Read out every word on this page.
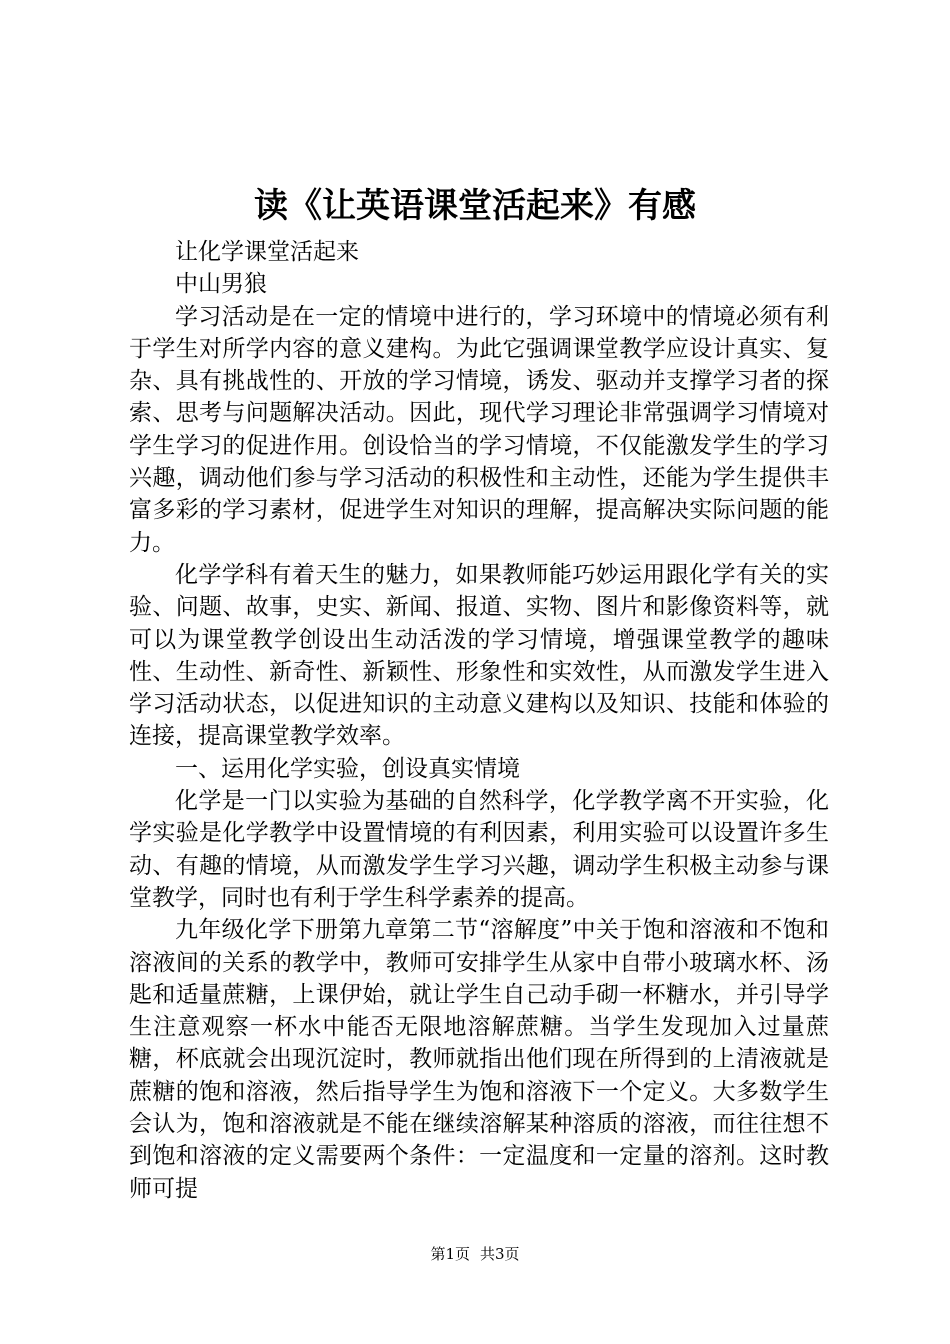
读《让英语课堂活起来》有感

让化学课堂活起来

中山男狼

学习活动是在一定的情境中进行的，学习环境中的情境必须有利于学生对所学内容的意义建构。为此它强调课堂教学应设计真实、复杂、具有挑战性的、开放的学习情境，诱发、驱动并支撑学习者的探索、思考与问题解决活动。因此，现代学习理论非常强调学习情境对学生学习的促进作用。创设恰当的学习情境，不仅能激发学生的学习兴趣，调动他们参与学习活动的积极性和主动性，还能为学生提供丰富多彩的学习素材，促进学生对知识的理解，提高解决实际问题的能力。

化学学科有着天生的魅力，如果教师能巧妙运用跟化学有关的实验、问题、故事，史实、新闻、报道、实物、图片和影像资料等，就可以为课堂教学创设出生动活泼的学习情境，增强课堂教学的趣味性、生动性、新奇性、新颖性、形象性和实效性，从而激发学生进入学习活动状态，以促进知识的主动意义建构以及知识、技能和体验的连接，提高课堂教学效率。

一、运用化学实验，创设真实情境

化学是一门以实验为基础的自然科学，化学教学离不开实验，化学实验是化学教学中设置情境的有利因素，利用实验可以设置许多生动、有趣的情境，从而激发学生学习兴趣，调动学生积极主动参与课堂教学，同时也有利于学生科学素养的提高。

九年级化学下册第九章第二节“溶解度”中关于饱和溶液和不饱和溶液间的关系的教学中，教师可安排学生从家中自带小玻璃水杯、汤匙和适量蔗糖，上课伊始，就让学生自己动手砌一杯糖水，并引导学生注意观察一杯水中能否无限地溶解蔗糖。当学生发现加入过量蔗糖，杯底就会出现沉淀时，教师就指出他们现在所得到的上清液就是蔗糖的饱和溶液，然后指导学生为饱和溶液下一个定义。大多数学生会认为，饱和溶液就是不能在继续溶解某种溶质的溶液，而往往想不到饱和溶液的定义需要两个条件：一定温度和一定量的溶剂。这时教师可提

第1页 共3页
